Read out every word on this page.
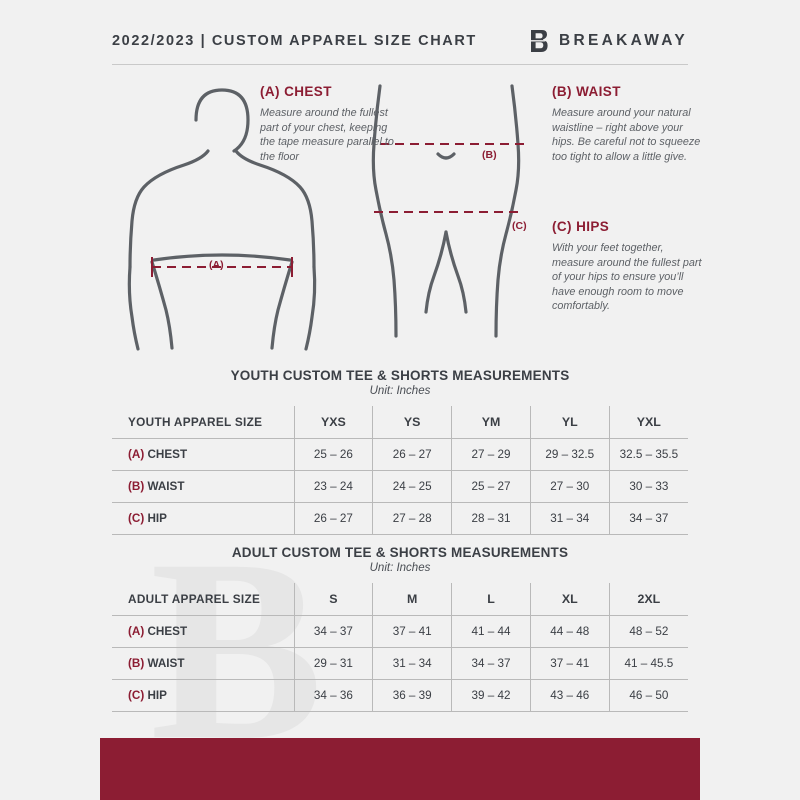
2022/2023 | CUSTOM APPAREL SIZE CHART	BREAKAWAY
(A)
(B)
(C)
(A) CHEST
Measure around the fullest part of your chest, keeping the tape measure parallel to the floor
(B) WAIST
Measure around your natural waistline – right above your hips. Be careful not to squeeze too tight to allow a little give.
(C) HIPS
With your feet together, measure around the fullest part of your hips to ensure you’ll have enough room to move comfortably.
YOUTH CUSTOM TEE & SHORTS MEASUREMENTS
Unit: Inches
YOUTH APPAREL SIZE	YXS	YS	YM	YL	YXL
(A) CHEST	25 – 26	26 – 27	27 – 29	29 – 32.5	32.5 – 35.5
(B) WAIST	23 – 24	24 – 25	25 – 27	27 – 30	30 – 33
(C) HIP	26 – 27	27 – 28	28 – 31	31 – 34	34 – 37
ADULT CUSTOM TEE & SHORTS MEASUREMENTS
Unit: Inches
ADULT APPAREL SIZE	S	M	L	XL	2XL
(A) CHEST	34 – 37	37 – 41	41 – 44	44 – 48	48 – 52
(B) WAIST	29 – 31	31 – 34	34 – 37	37 – 41	41 – 45.5
(C) HIP	34 – 36	36 – 39	39 – 42	43 – 46	46 – 50
